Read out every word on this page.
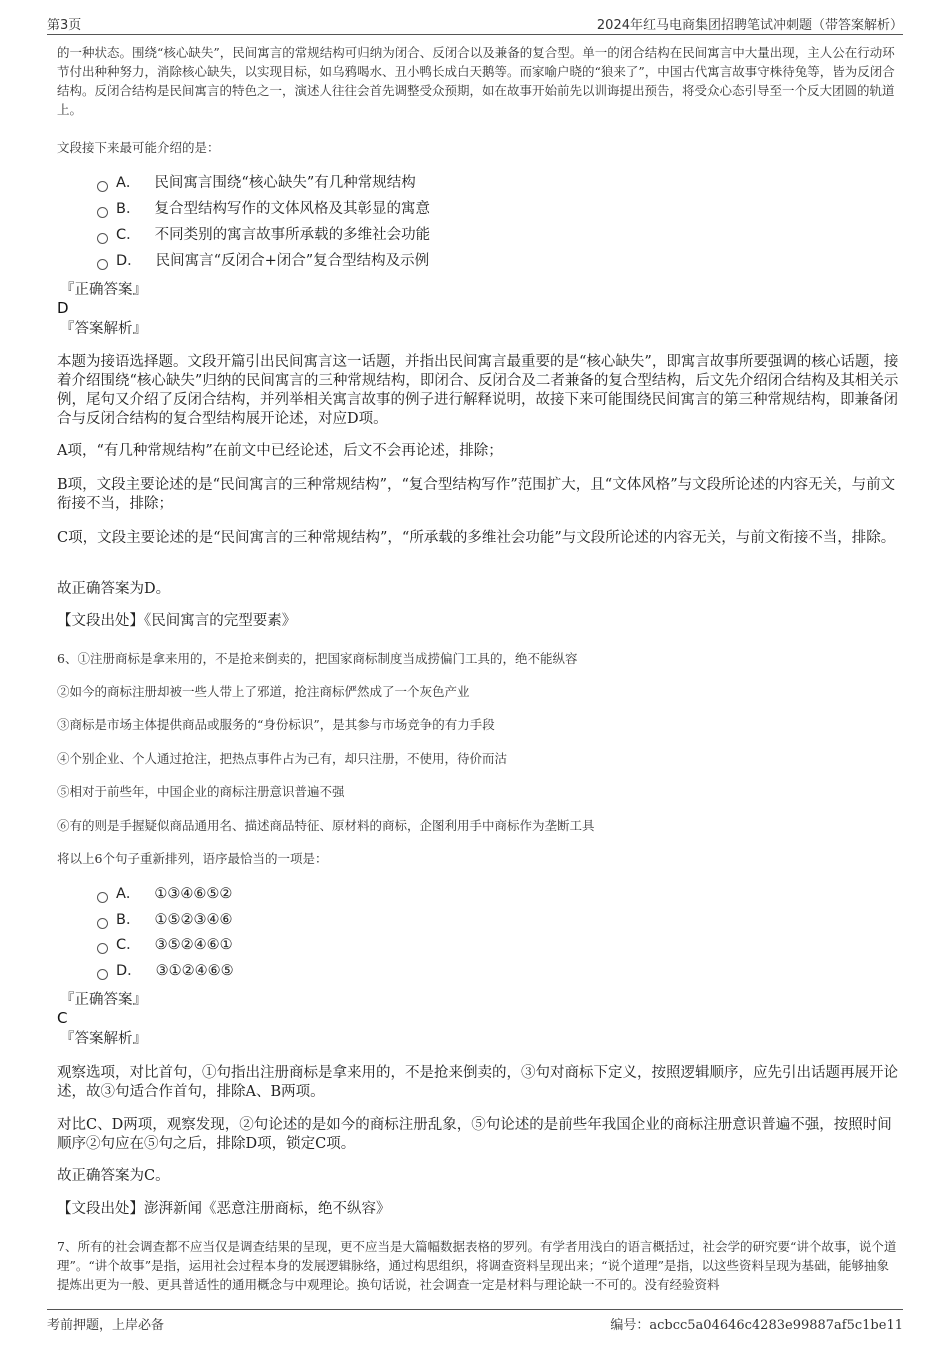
第3页	2024年红马电商集团招聘笔试冲刺题（带答案解析）

的一种状态。围绕“核心缺失”，民间寓言的常规结构可归纳为闭合、反闭合以及兼备的复合型。单一的闭合结构在民间寓言中大量出现，主人公在行动环节付出种种努力，消除核心缺失，以实现目标，如乌鸦喝水、丑小鸭长成白天鹅等。而家喻户晓的“狼来了”，中国古代寓言故事守株待兔等，皆为反闭合结构。反闭合结构是民间寓言的特色之一，演述人往往会首先调整受众预期，如在故事开始前先以训诲提出预告，将受众心态引导至一个反大团圆的轨道上。

文段接下来最可能介绍的是：

A． 民间寓言围绕“核心缺失”有几种常规结构
B． 复合型结构写作的文体风格及其彰显的寓意
C． 不同类别的寓言故事所承载的多维社会功能
D． 民间寓言“反闭合+闭合”复合型结构及示例
『正确答案』
D
『答案解析』

本题为接语选择题。文段开篇引出民间寓言这一话题，并指出民间寓言最重要的是“核心缺失”，即寓言故事所要强调的核心话题，接着介绍围绕“核心缺失”归纳的民间寓言的三种常规结构，即闭合、反闭合及二者兼备的复合型结构，后文先介绍闭合结构及其相关示例，尾句又介绍了反闭合结构，并列举相关寓言故事的例子进行解释说明，故接下来可能围绕民间寓言的第三种常规结构，即兼备闭合与反闭合结构的复合型结构展开论述，对应D项。

A项，“有几种常规结构”在前文中已经论述，后文不会再论述，排除；

B项，文段主要论述的是“民间寓言的三种常规结构”，“复合型结构写作”范围扩大，且“文体风格”与文段所论述的内容无关，与前文衔接不当，排除；

C项，文段主要论述的是“民间寓言的三种常规结构”，“所承载的多维社会功能”与文段所论述的内容无关，与前文衔接不当，排除。

故正确答案为D。

【文段出处】《民间寓言的完型要素》

6、①注册商标是拿来用的，不是抢来倒卖的，把国家商标制度当成捞偏门工具的，绝不能纵容

②如今的商标注册却被一些人带上了邪道，抢注商标俨然成了一个灰色产业

③商标是市场主体提供商品或服务的“身份标识”，是其参与市场竞争的有力手段

④个别企业、个人通过抢注，把热点事件占为己有，却只注册，不使用，待价而沽

⑤相对于前些年，中国企业的商标注册意识普遍不强

⑥有的则是手握疑似商品通用名、描述商品特征、原材料的商标，企图利用手中商标作为垄断工具

将以上6个句子重新排列，语序最恰当的一项是：

A． ①③④⑥⑤②
B． ①⑤②③④⑥
C． ③⑤②④⑥①
D． ③①②④⑥⑤
『正确答案』
C
『答案解析』

观察选项，对比首句，①句指出注册商标是拿来用的，不是抢来倒卖的，③句对商标下定义，按照逻辑顺序，应先引出话题再展开论述，故③句适合作首句，排除A、B两项。

对比C、D两项，观察发现，②句论述的是如今的商标注册乱象，⑤句论述的是前些年我国企业的商标注册意识普遍不强，按照时间顺序②句应在⑤句之后，排除D项，锁定C项。

故正确答案为C。

【文段出处】澎湃新闻《恶意注册商标，绝不纵容》

7、所有的社会调查都不应当仅是调查结果的呈现，更不应当是大篇幅数据表格的罗列。有学者用浅白的语言概括过，社会学的研究要“讲个故事，说个道理”。“讲个故事”是指，运用社会过程本身的发展逻辑脉络，通过构思组织，将调查资料呈现出来；“说个道理”是指，以这些资料呈现为基础，能够抽象提炼出更为一般、更具普适性的通用概念与中观理论。换句话说，社会调查一定是材料与理论缺一不可的。没有经验资料

考前押题，上岸必备	编号：acbcc5a04646c4283e99887af5c1be11
